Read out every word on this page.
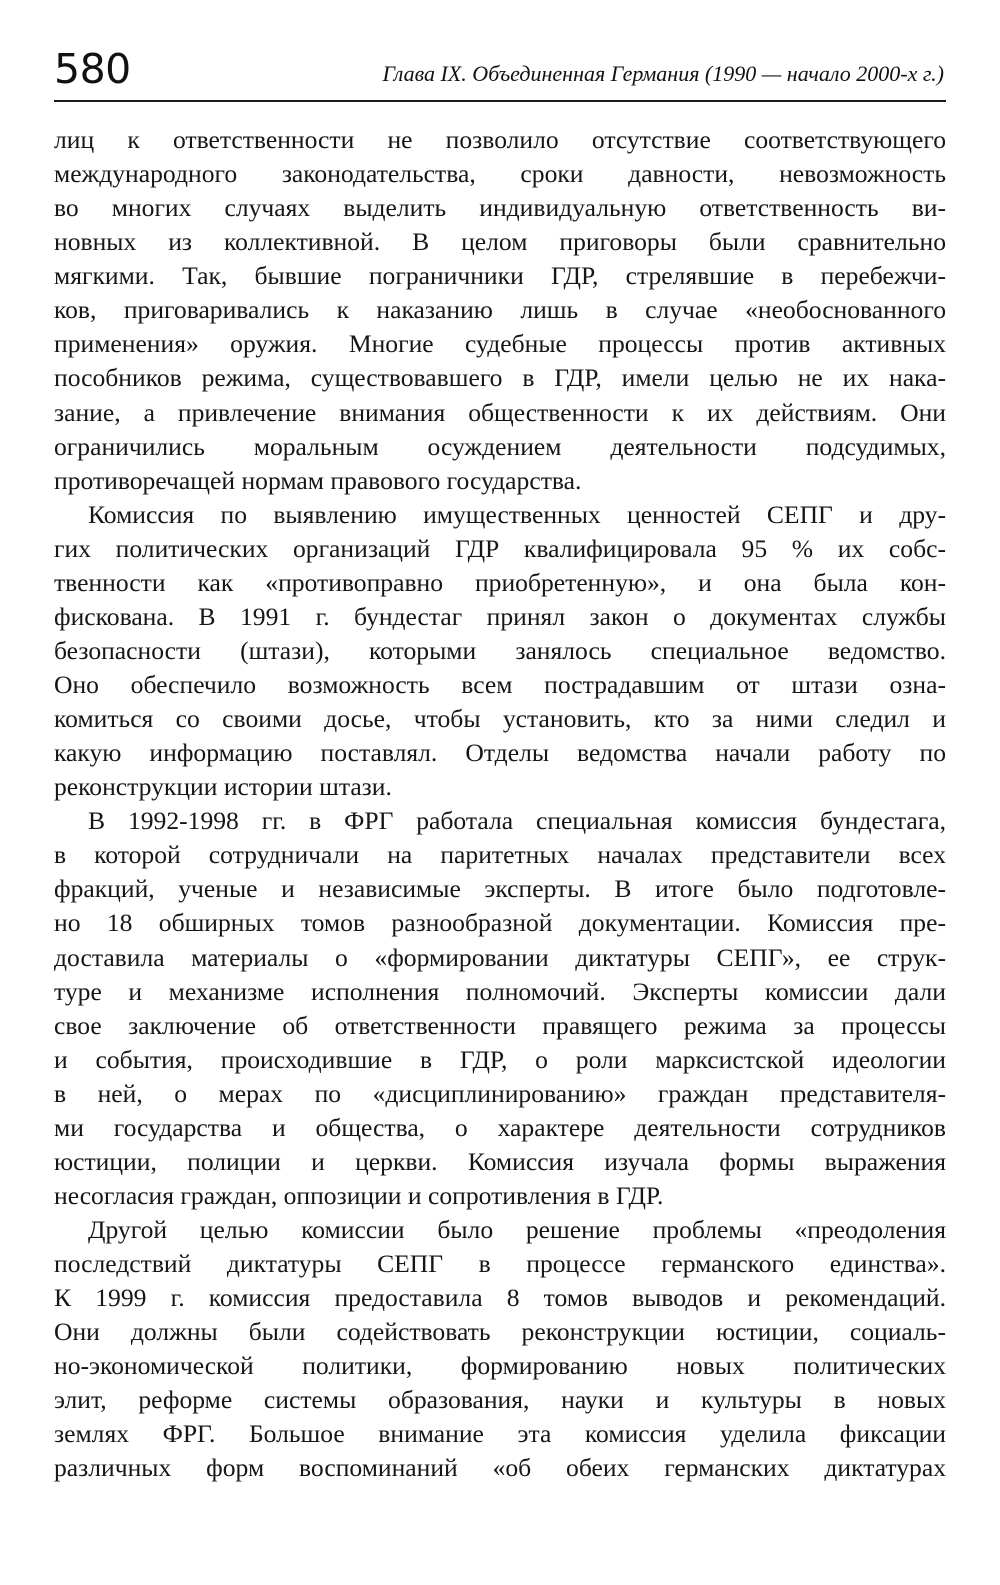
580	Глава IX. Объединенная Германия (1990 — начало 2000-х г.)
лиц к ответственности не позволило отсутствие соответствующего
международного законодательства, сроки давности, невозможность
во многих случаях выделить индивидуальную ответственность ви-
новных из коллективной. В целом приговоры были сравнительно
мягкими. Так, бывшие пограничники ГДР, стрелявшие в перебежчи-
ков, приговаривались к наказанию лишь в случае «необоснованного
применения» оружия. Многие судебные процессы против активных
пособников режима, существовавшего в ГДР, имели целью не их нака-
зание, а привлечение внимания общественности к их действиям. Они
ограничились моральным осуждением деятельности подсудимых,
противоречащей нормам правового государства.
Комиссия по выявлению имущественных ценностей СЕПГ и дру-
гих политических организаций ГДР квалифицировала 95 % их собс-
твенности как «противоправно приобретенную», и она была кон-
фискована. В 1991 г. бундестаг принял закон о документах службы
безопасности (штази), которыми занялось специальное ведомство.
Оно обеспечило возможность всем пострадавшим от штази озна-
комиться со своими досье, чтобы установить, кто за ними следил и
какую информацию поставлял. Отделы ведомства начали работу по
реконструкции истории штази.
В 1992-1998 гг. в ФРГ работала специальная комиссия бундестага,
в которой сотрудничали на паритетных началах представители всех
фракций, ученые и независимые эксперты. В итоге было подготовле-
но 18 обширных томов разнообразной документации. Комиссия пре-
доставила материалы о «формировании диктатуры СЕПГ», ее струк-
туре и механизме исполнения полномочий. Эксперты комиссии дали
свое заключение об ответственности правящего режима за процессы
и события, происходившие в ГДР, о роли марксистской идеологии
в ней, о мерах по «дисциплинированию» граждан представителя-
ми государства и общества, о характере деятельности сотрудников
юстиции, полиции и церкви. Комиссия изучала формы выражения
несогласия граждан, оппозиции и сопротивления в ГДР.
Другой целью комиссии было решение проблемы «преодоления
последствий диктатуры СЕПГ в процессе германского единства».
К 1999 г. комиссия предоставила 8 томов выводов и рекомендаций.
Они должны были содействовать реконструкции юстиции, социаль-
но-экономической политики, формированию новых политических
элит, реформе системы образования, науки и культуры в новых
землях ФРГ. Большое внимание эта комиссия уделила фиксации
различных форм воспоминаний «об обеих германских диктатурах
